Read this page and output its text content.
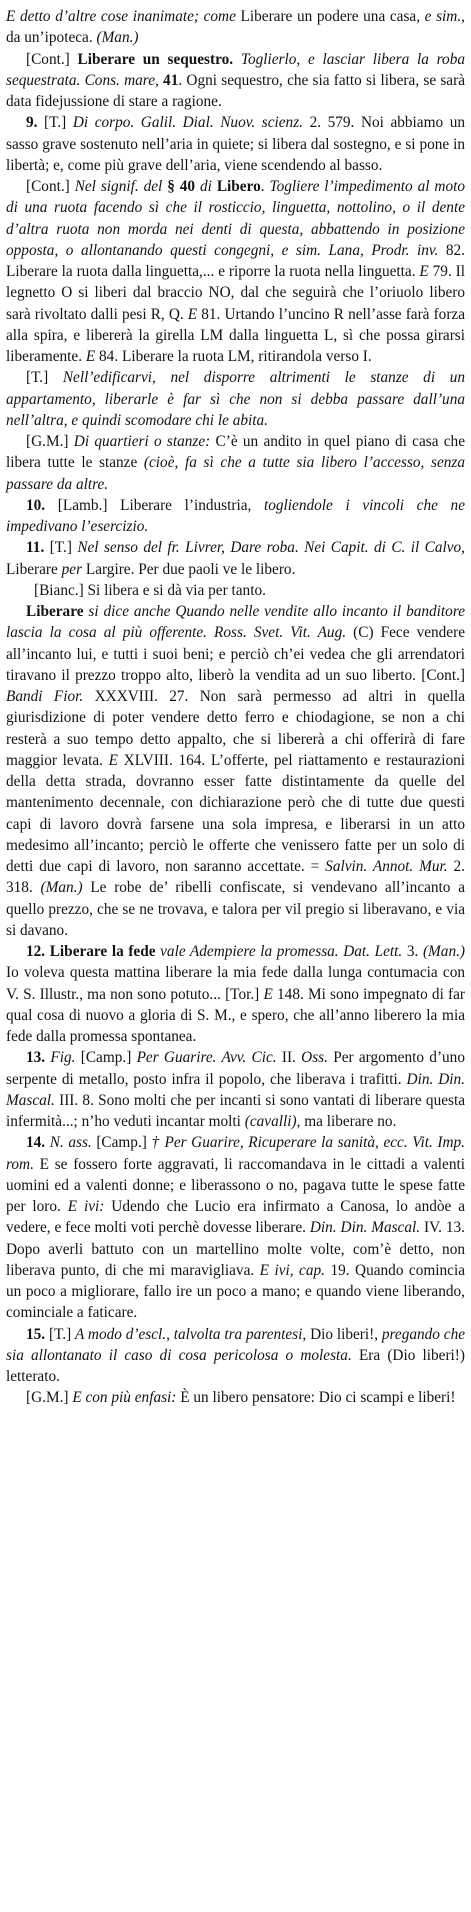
E detto d’altre cose inanimate; come Liberare un podere una casa, e sim., da un’ipoteca. (Man.)

[Cont.] Liberare un sequestro. Toglierlo, e lasciar libera la roba sequestrata. Cons. mare, 41. Ogni sequestro, che sia fatto si libera, se sarà data fidejussione di stare a ragione.

9. [T.] Di corpo. Galil. Dial. Nuov. scienz. 2. 579. Noi abbiamo un sasso grave sostenuto nell’aria in quiete; si libera dal sostegno, e si pone in libertà; e, come più grave dell’aria, viene scendendo al basso.

[Cont.] Nel signif. del § 40 di Libero. Togliere l’impedimento al moto di una ruota facendo sì che il rosticcio, linguetta, nottolino, o il dente d’altra ruota non morda nei denti di questa, abbattendo in posizione opposta, o allontanando questi congegni, e sim. Lana, Prodr. inv. 82. Liberare la ruota dalla linguetta,... e riporre la ruota nella linguetta. E 79. Il legnetto O si liberi dal braccio NO, dal che seguirà che l’oriuolo libero sarà rivoltato dalli pesi R, Q. E 81. Urtando l’uncino R nell’asse farà forza alla spira, e libererà la girella LM dalla linguetta L, sì che possa girarsi liberamente. E 84. Liberare la ruota LM, ritirandola verso I.

[T.] Nell’edificarvi, nel disporre altrimenti le stanze di un appartamento, liberarle è far sì che non si debba passare dall’una nell’altra, e quindi scomodare chi le abita.

[G.M.] Di quartieri o stanze: C’è un andito in quel piano di casa che libera tutte le stanze (cioè, fa sì che a tutte sia libero l’accesso, senza passare da altre.

10. [Lamb.] Liberare l’industria, togliendole i vincoli che ne impedivano l’esercizio.

11. [T.] Nel senso del fr. Livrer, Dare roba. Nei Capit. di C. il Calvo, Liberare per Largire. Per due paoli ve le libero.

[Bianc.] Si libera e si dà via per tanto.

Liberare si dice anche Quando nelle vendite allo incanto il banditore lascia la cosa al più offerente. Ross. Svet. Vit. Aug. (C) Fece vendere all’incanto lui, e tutti i suoi beni; e perciò ch’ei vedea che gli arrendatori tiravano il prezzo troppo alto, liberò la vendita ad un suo liberto. [Cont.] Bandi Fior. XXXVIII. 27. Non sarà permesso ad altri in quella giurisdizione di poter vendere detto ferro e chiodagione, se non a chi resterà a suo tempo detto appalto, che si libererà a chi offerirà di fare maggior levata. E XLVIII. 164. L’offerte, pel riattamento e restaurazioni della detta strada, dovranno esser fatte distintamente da quelle del mantenimento decennale, con dichiarazione però che di tutte due questi capi di lavoro dovrà farsene una sola impresa, e liberarsi in un atto medesimo all’incanto; perciò le offerte che venissero fatte per un solo di detti due capi di lavoro, non saranno accettate. = Salvin. Annot. Mur. 2. 318. (Man.) Le robe de’ ribelli confiscate, si vendevano all’incanto a quello prezzo, che se ne trovava, e talora per vil pregio si liberavano, e via si davano.

12. Liberare la fede vale Adempiere la promessa. Dat. Lett. 3. (Man.) Io voleva questa mattina liberare la mia fede dalla lunga contumacia con V. S. Illustr., ma non sono potuto... [Tor.] E 148. Mi sono impegnato di far qual cosa di nuovo a gloria di S. M., e spero, che all’anno liberero la mia fede dalla promessa spontanea.

13. Fig. [Camp.] Per Guarire. Avv. Cic. II. Oss. Per argomento d’uno serpente di metallo, posto infra il popolo, che liberava i trafitti. Din. Din. Mascal. III. 8. Sono molti che per incanti si sono vantati di liberare questa infermità...; n’ho veduti incantar molti (cavalli), ma liberare no.

14. N. ass. [Camp.] † Per Guarire, Ricuperare la sanità, ecc. Vit. Imp. rom. E se fossero forte aggravati, li raccomandava in le cittadi a valenti uomini ed a valenti donne; e liberassono o no, pagava tutte le spese fatte per loro. E ivi: Udendo che Lucio era infirmato a Canosa, lo andòe a vedere, e fece molti voti perchè dovesse liberare. Din. Din. Mascal. IV. 13. Dopo averli battuto con un martellino molte volte, com’è detto, non liberava punto, di che mi maravigliava. E ivi, cap. 19. Quando comincia un poco a migliorare, fallo ire un poco a mano; e quando viene liberando, cominciale a faticare.

15. [T.] A modo d’escl., talvolta tra parentesi, Dio liberi!, pregando che sia allontanato il caso di cosa pericolosa o molesta. Era (Dio liberi!) letterato.

[G.M.] E con più enfasi: È un libero pensatore: Dio ci scampi e liberi!
